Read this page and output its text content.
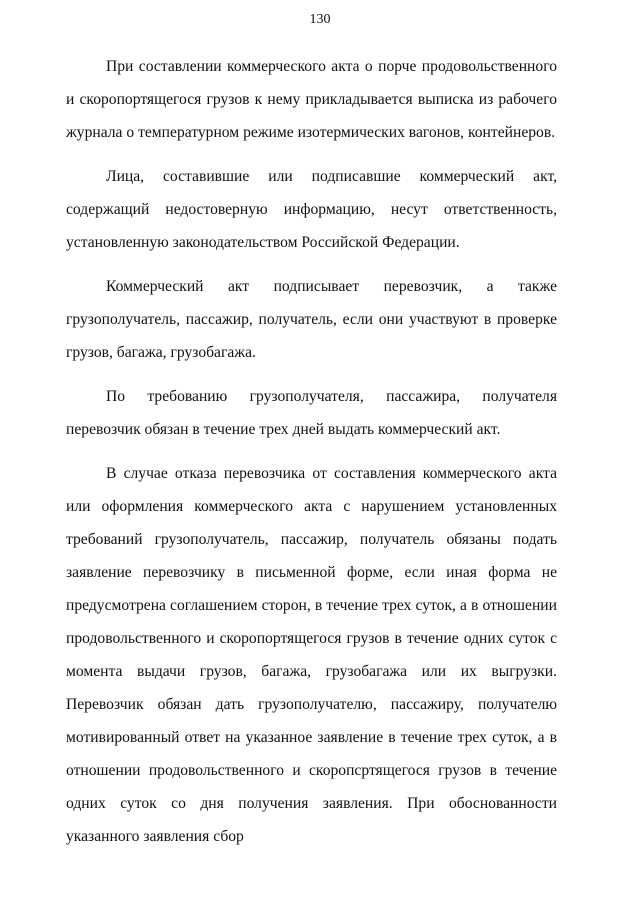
130

При составлении коммерческого акта о порче продовольственного и скоропортящегося грузов к нему прикладывается выписка из рабочего журнала о температурном режиме изотермических вагонов, контейнеров.

Лица, составившие или подписавшие коммерческий акт, содержащий недостоверную информацию, несут ответственность, установленную законодательством Российской Федерации.

Коммерческий акт подписывает перевозчик, а также грузополучатель, пассажир, получатель, если они участвуют в проверке грузов, багажа, грузобагажа.

По требованию грузополучателя, пассажира, получателя перевозчик обязан в течение трех дней выдать коммерческий акт.

В случае отказа перевозчика от составления коммерческого акта или оформления коммерческого акта с нарушением установленных требований грузополучатель, пассажир, получатель обязаны подать заявление перевозчику в письменной форме, если иная форма не предусмотрена соглашением сторон, в течение трех суток, а в отношении продовольственного и скоропортящегося грузов в течение одних суток с момента выдачи грузов, багажа, грузобагажа или их выгрузки. Перевозчик обязан дать грузополучателю, пассажиру, получателю мотивированный ответ на указанное заявление в течение трех суток, а в отношении продовольственного и скоропсртящегося грузов в течение одних суток со дня получения заявления. При обоснованности указанного заявления сбор
